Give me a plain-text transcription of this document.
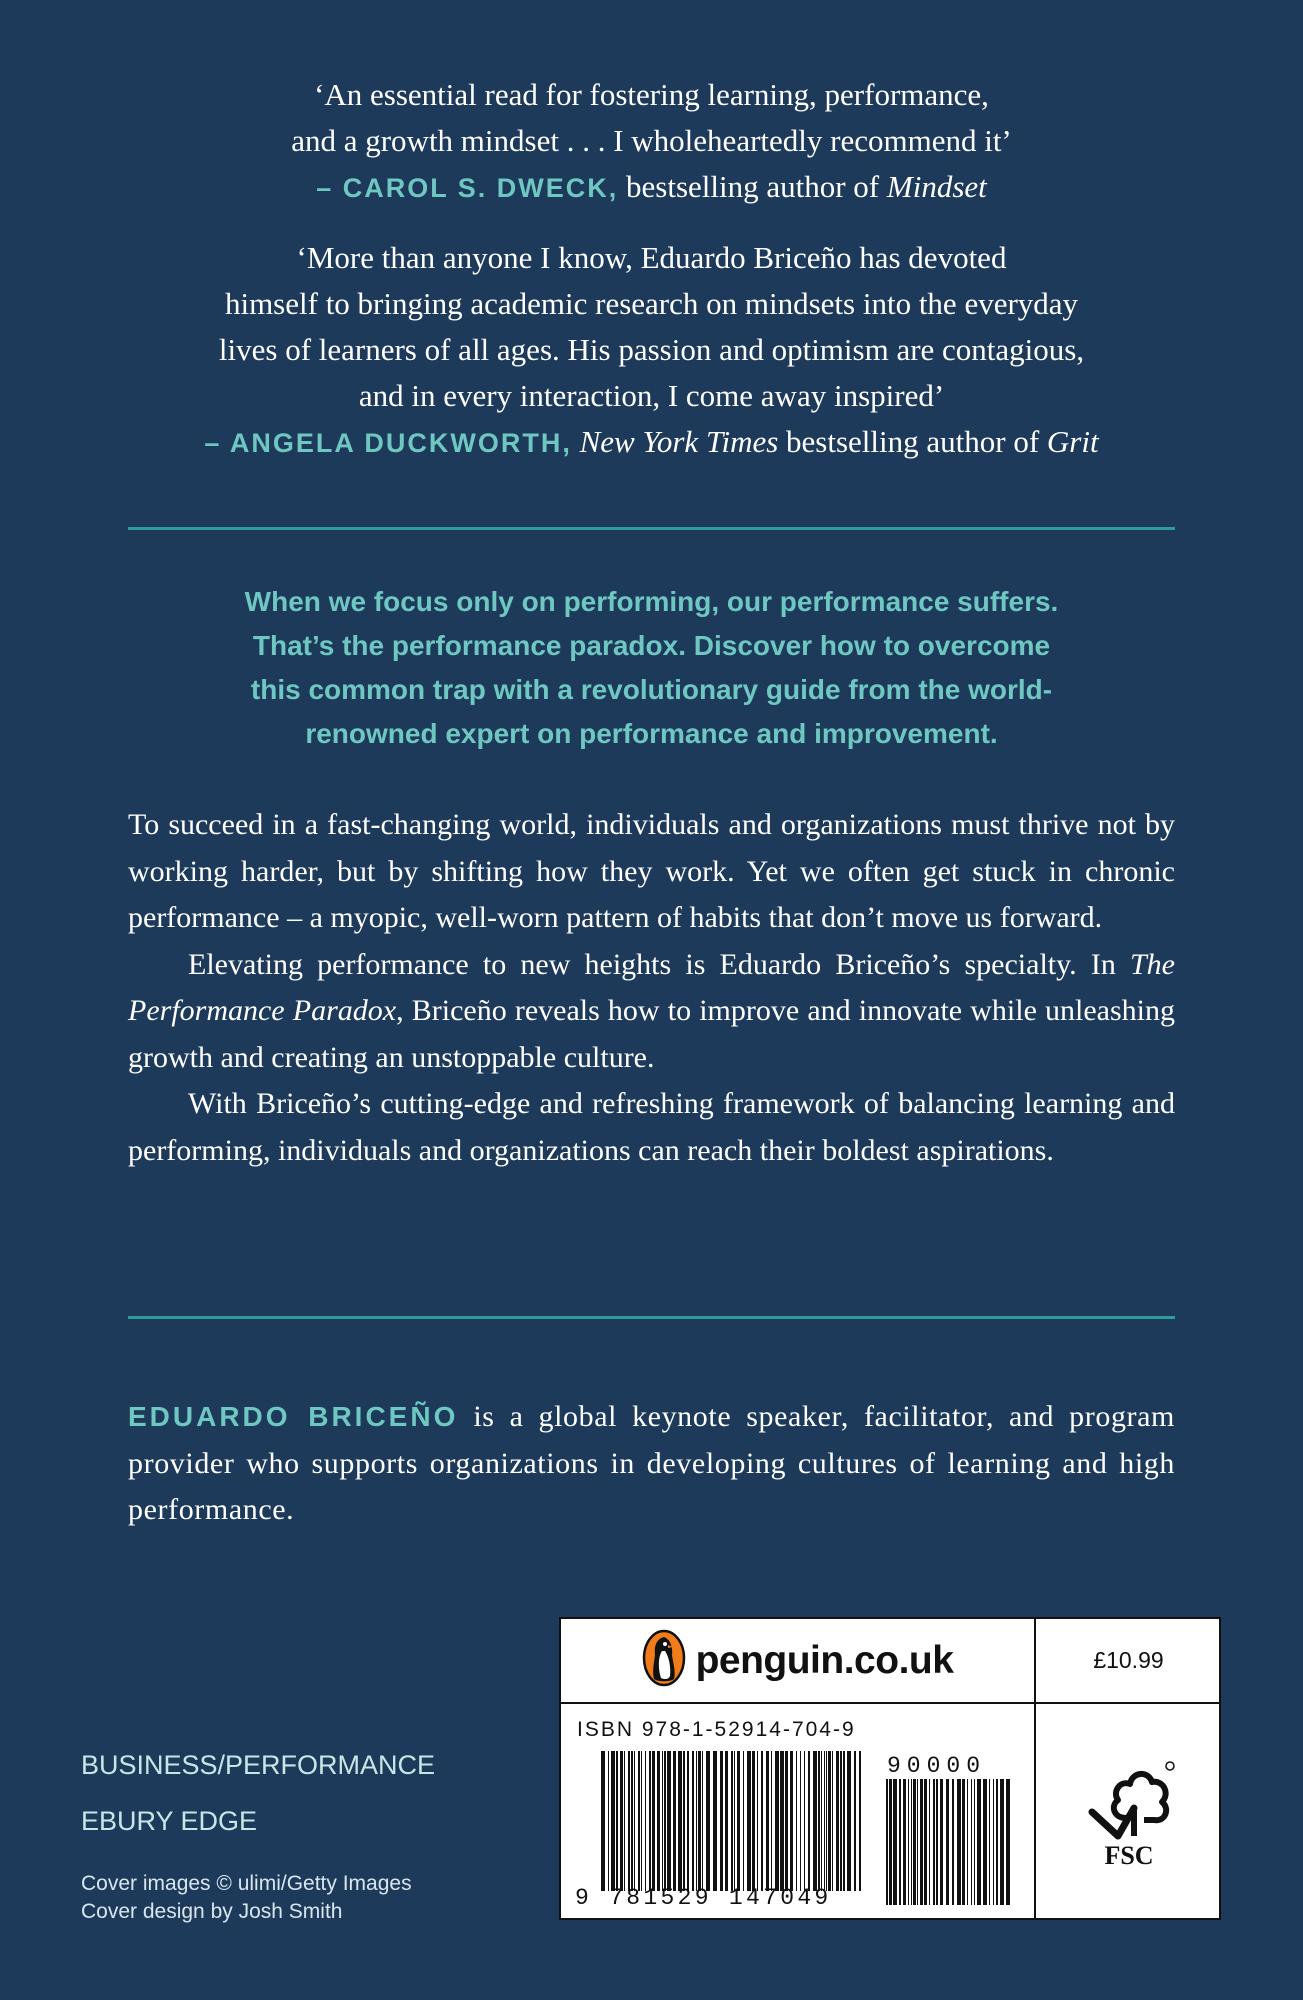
‘An essential read for fostering learning, performance,

and a growth mindset . . . I wholeheartedly recommend it’

– CAROL S. DWECK, bestselling author of Mindset

‘More than anyone I know, Eduardo Briceño has devoted

himself to bringing academic research on mindsets into the everyday

lives of learners of all ages. His passion and optimism are contagious,

and in every interaction, I come away inspired’

– ANGELA DUCKWORTH, New York Times bestselling author of Grit

When we focus only on performing, our performance suffers.
That’s the performance paradox. Discover how to overcome
this common trap with a revolutionary guide from the world-
renowned expert on performance and improvement.

To succeed in a fast-changing world, individuals and organizations must thrive not by working harder, but by shifting how they work. Yet we often get stuck in chronic performance – a myopic, well-worn pattern of habits that don’t move us forward.

Elevating performance to new heights is Eduardo Briceño’s specialty. In The Performance Paradox, Briceño reveals how to improve and innovate while unleashing growth and creating an unstoppable culture.

With Briceño’s cutting-edge and refreshing framework of balancing learning and performing, individuals and organizations can reach their boldest aspirations.

EDUARDO BRICEÑO is a global keynote speaker, facilitator, and program provider who supports organizations in developing cultures of learning and high performance.
BUSINESS/PERFORMANCE
EBURY EDGE
Cover images © ulimi/Getty Images
Cover design by Josh Smith
penguin.co.uk	£10.99
ISBN 978-1-52914-704-9
9 781529 147049
90000
FSC
